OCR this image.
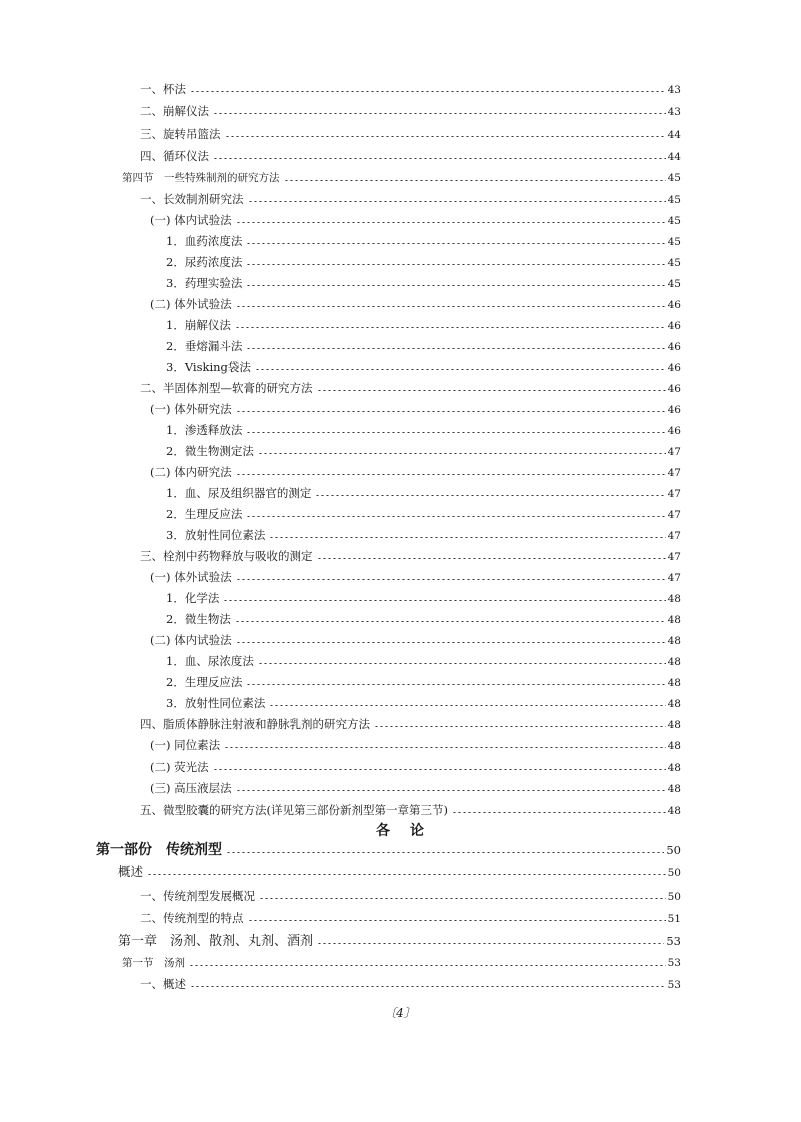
一、杯法	43
二、崩解仪法	43
三、旋转吊篮法	44
四、循环仪法	44
第四节　一些特殊制剂的研究方法	45
一、长效制剂研究法	45
(一) 体内试验法	45
1．血药浓度法	45
2．尿药浓度法	45
3．药理实验法	45
(二) 体外试验法	46
1．崩解仪法	46
2．垂熔漏斗法	46
3．Visking袋法	46
二、半固体剂型—软膏的研究方法	46
(一) 体外研究法	46
1．渗透释放法	46
2．微生物测定法	47
(二) 体内研究法	47
1．血、尿及组织器官的测定	47
2．生理反应法	47
3．放射性同位素法	47
三、栓剂中药物释放与吸收的测定	47
(一) 体外试验法	47
1．化学法	48
2．微生物法	48
(二) 体内试验法	48
1．血、尿浓度法	48
2．生理反应法	48
3．放射性同位素法	48
四、脂质体静脉注射液和静脉乳剂的研究方法	48
(一) 同位素法	48
(二) 荧光法	48
(三) 高压液层法	48
五、微型胶囊的研究方法(详见第三部份新剂型第一章第三节)	48
各论
第一部份　传统剂型	50
概述	50
一、传统剂型发展概况	50
二、传统剂型的特点	51
第一章　汤剂、散剂、丸剂、酒剂	53
第一节　汤剂	53
一、概述	53
〔4〕
